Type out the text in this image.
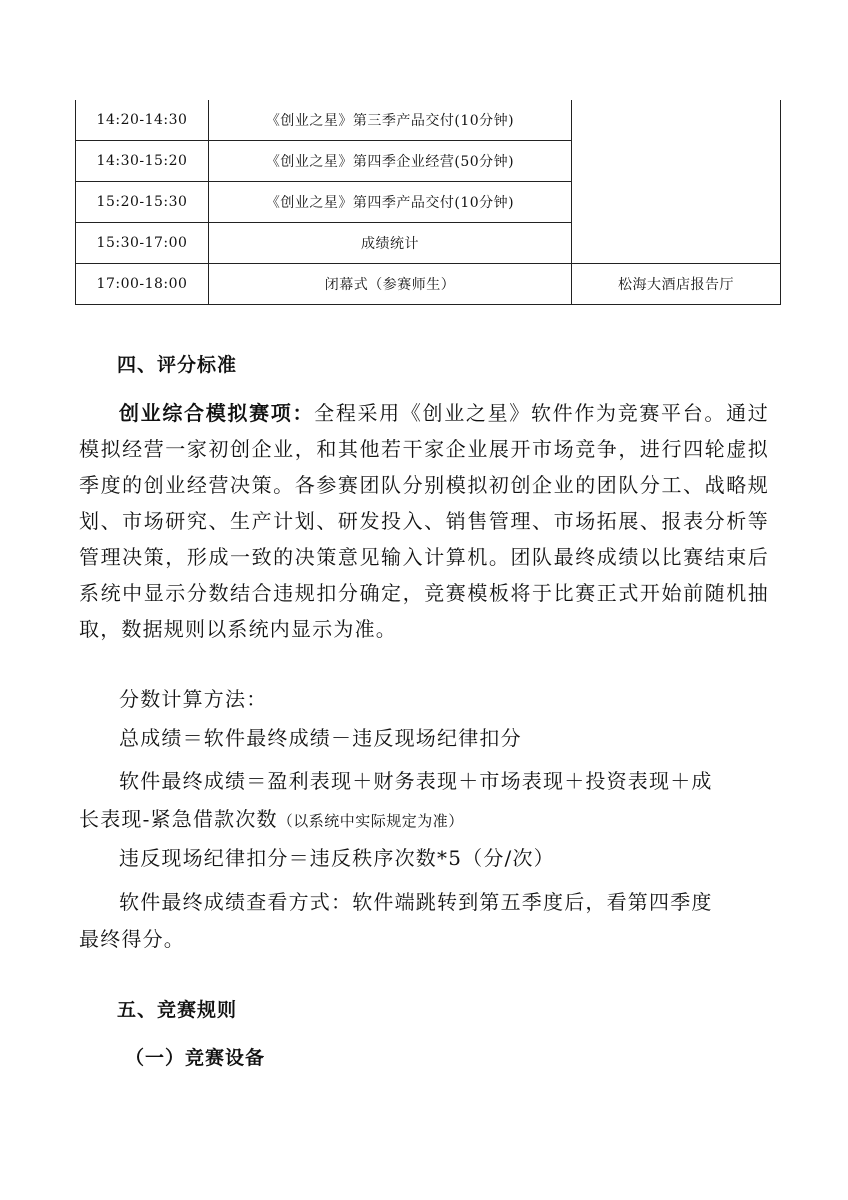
14:20-14:30	《创业之星》第三季产品交付(10分钟)	
14:30-15:20	《创业之星》第四季企业经营(50分钟)	
15:20-15:30	《创业之星》第四季产品交付(10分钟)	
15:30-17:00	成绩统计	
17:00-18:00	闭幕式（参赛师生）	松海大酒店报告厅
四、评分标准
创业综合模拟赛项：全程采用《创业之星》软件作为竞赛平台。通过模拟经营一家初创企业，和其他若干家企业展开市场竞争，进行四轮虚拟季度的创业经营决策。各参赛团队分别模拟初创企业的团队分工、战略规划、市场研究、生产计划、研发投入、销售管理、市场拓展、报表分析等管理决策，形成一致的决策意见输入计算机。团队最终成绩以比赛结束后系统中显示分数结合违规扣分确定，竞赛模板将于比赛正式开始前随机抽取，数据规则以系统内显示为准。
分数计算方法：
总成绩＝软件最终成绩－违反现场纪律扣分
软件最终成绩＝盈利表现＋财务表现＋市场表现＋投资表现＋成
长表现-紧急借款次数（以系统中实际规定为准）
违反现场纪律扣分＝违反秩序次数*5（分/次）
软件最终成绩查看方式：软件端跳转到第五季度后，看第四季度
最终得分。
五、竞赛规则
（一）竞赛设备
